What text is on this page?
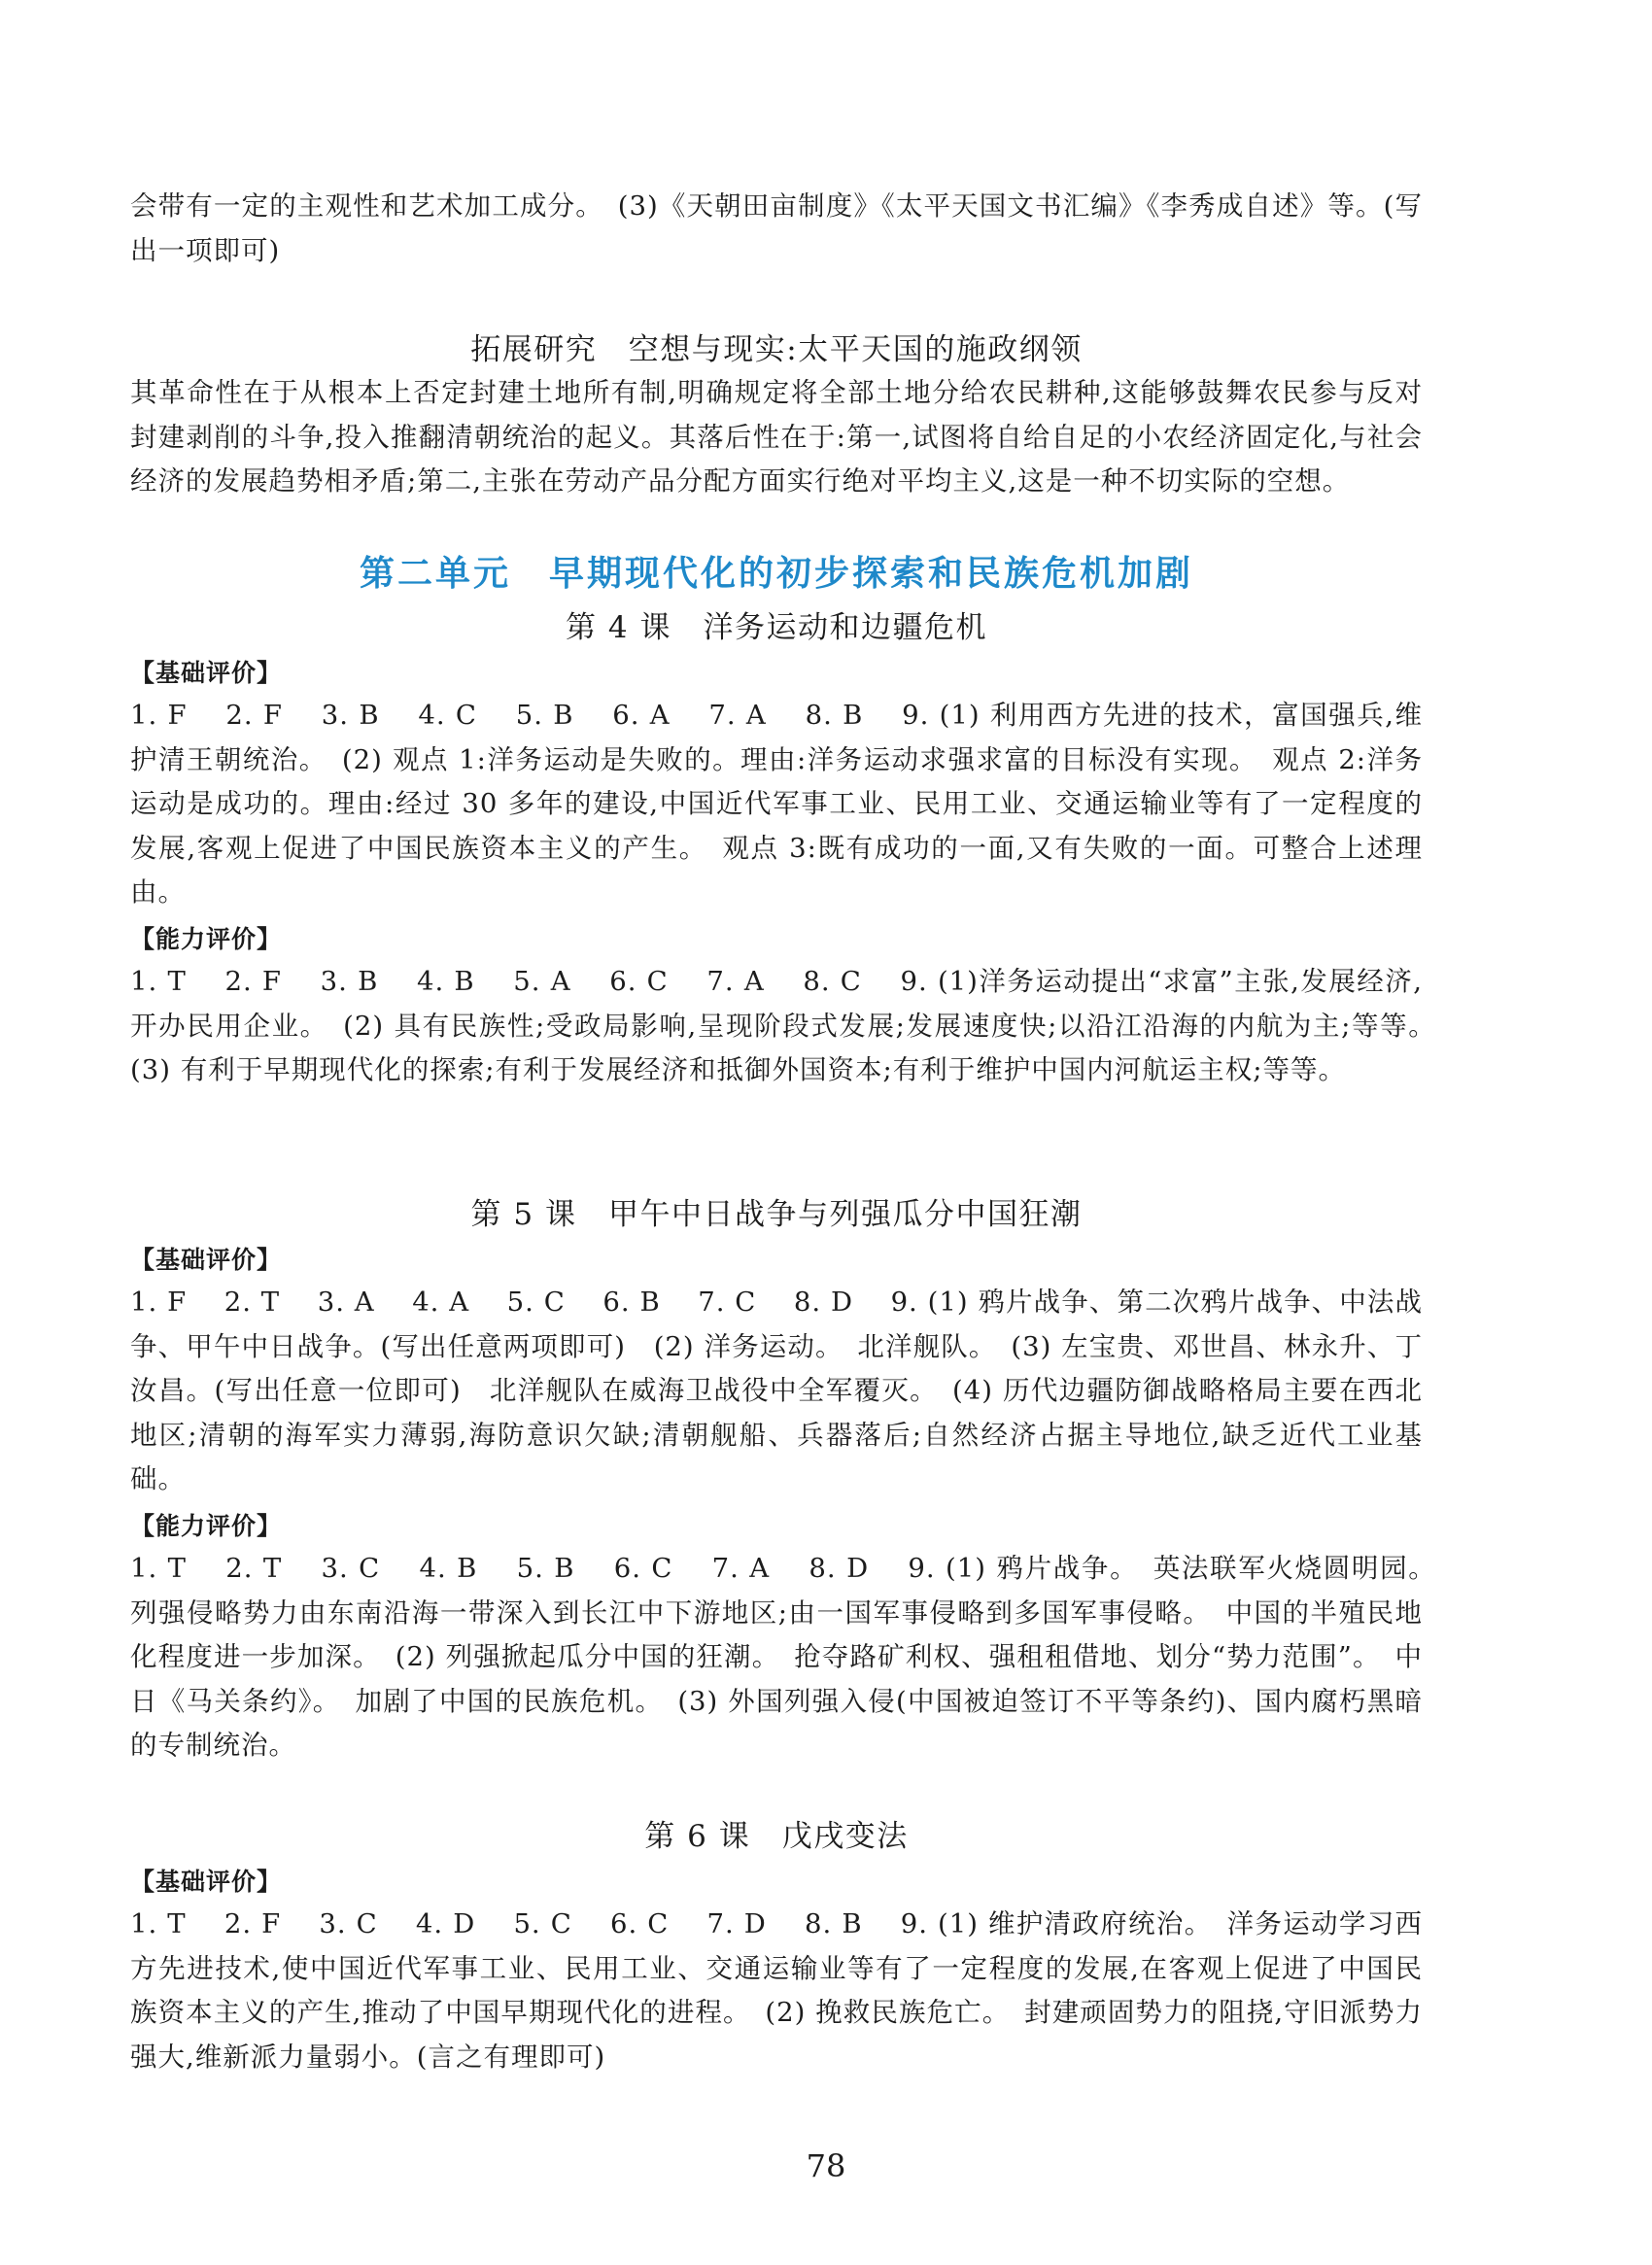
会带有一定的主观性和艺术加工成分。　(3)《天朝田亩制度》《太平天国文书汇编》《李秀成自述》等。(写出一项即可)

拓展研究　空想与现实:太平天国的施政纲领

其革命性在于从根本上否定封建土地所有制,明确规定将全部土地分给农民耕种,这能够鼓舞农民参与反对封建剥削的斗争,投入推翻清朝统治的起义。其落后性在于:第一,试图将自给自足的小农经济固定化,与社会经济的发展趋势相矛盾;第二,主张在劳动产品分配方面实行绝对平均主义,这是一种不切实际的空想。

第二单元　早期现代化的初步探索和民族危机加剧
第 4 课　洋务运动和边疆危机
【基础评价】

1. F　 2. F　 3. B　 4. C　 5. B　 6. A　 7. A　 8. B　 9. (1) 利用西方先进的技术，富国强兵,维护清王朝统治。　(2) 观点 1:洋务运动是失败的。理由:洋务运动求强求富的目标没有实现。　观点 2:洋务运动是成功的。理由:经过 30 多年的建设,中国近代军事工业、民用工业、交通运输业等有了一定程度的发展,客观上促进了中国民族资本主义的产生。　观点 3:既有成功的一面,又有失败的一面。可整合上述理由。

【能力评价】

1. T　 2. F　 3. B　 4. B　 5. A　 6. C　 7. A　 8. C　 9. (1)洋务运动提出“求富”主张,发展经济,开办民用企业。　(2) 具有民族性;受政局影响,呈现阶段式发展;发展速度快;以沿江沿海的内航为主;等等。　(3) 有利于早期现代化的探索;有利于发展经济和抵御外国资本;有利于维护中国内河航运主权;等等。

第 5 课　甲午中日战争与列强瓜分中国狂潮
【基础评价】

1. F　 2. T　 3. A　 4. A　 5. C　 6. B　 7. C　 8. D　 9. (1) 鸦片战争、第二次鸦片战争、中法战争、甲午中日战争。(写出任意两项即可)　(2) 洋务运动。　北洋舰队。　(3) 左宝贵、邓世昌、林永升、丁汝昌。(写出任意一位即可)　北洋舰队在威海卫战役中全军覆灭。　(4) 历代边疆防御战略格局主要在西北地区;清朝的海军实力薄弱,海防意识欠缺;清朝舰船、兵器落后;自然经济占据主导地位,缺乏近代工业基础。

【能力评价】

1. T　 2. T　 3. C　 4. B　 5. B　 6. C　 7. A　 8. D　 9. (1) 鸦片战争。　英法联军火烧圆明园。　列强侵略势力由东南沿海一带深入到长江中下游地区;由一国军事侵略到多国军事侵略。　中国的半殖民地化程度进一步加深。　(2) 列强掀起瓜分中国的狂潮。　抢夺路矿利权、强租租借地、划分“势力范围”。　中日《马关条约》。　加剧了中国的民族危机。　(3) 外国列强入侵(中国被迫签订不平等条约)、国内腐朽黑暗的专制统治。

第 6 课　戊戌变法
【基础评价】

1. T　 2. F　 3. C　 4. D　 5. C　 6. C　 7. D　 8. B　 9. (1) 维护清政府统治。　洋务运动学习西方先进技术,使中国近代军事工业、民用工业、交通运输业等有了一定程度的发展,在客观上促进了中国民族资本主义的产生,推动了中国早期现代化的进程。　(2) 挽救民族危亡。　封建顽固势力的阻挠,守旧派势力强大,维新派力量弱小。(言之有理即可)

78
